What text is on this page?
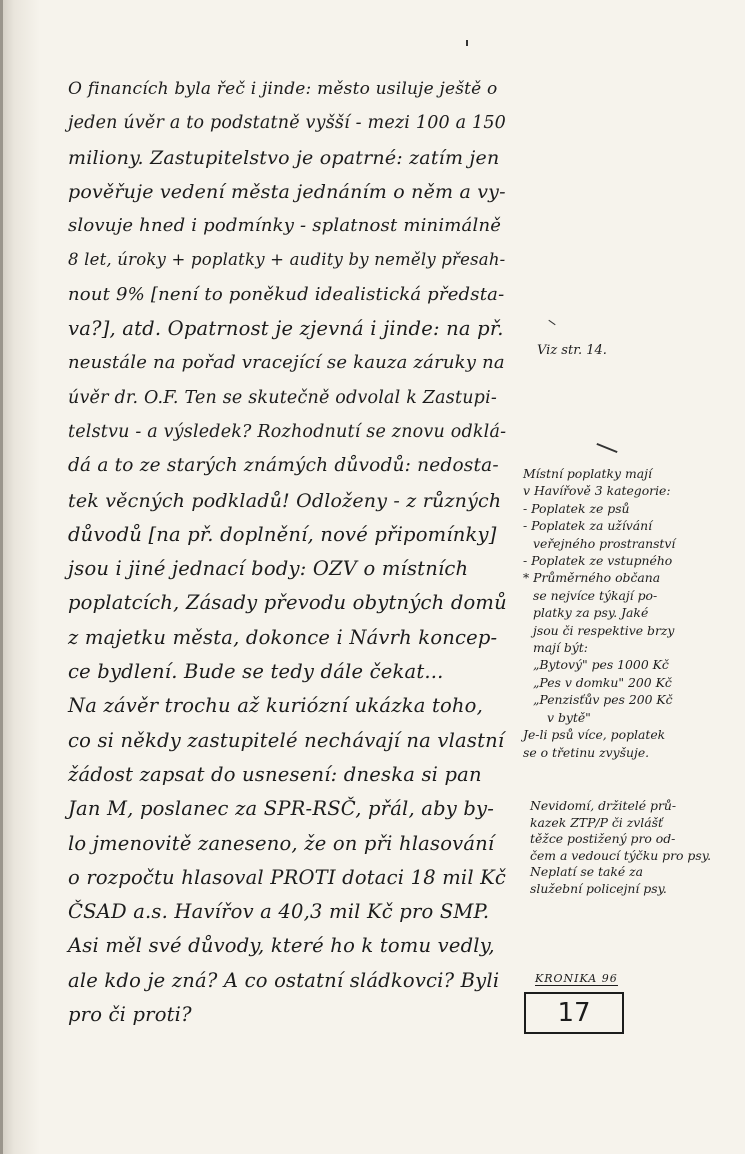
O financích byla řeč i jinde: město usiluje ještě o
jeden úvěr a to podstatně vyšší - mezi 100 a 150
miliony. Zastupitelstvo je opatrné: zatím jen
pověřuje vedení města jednáním o něm a vy-
slovuje hned i podmínky - splatnost minimálně
8 let, úroky + poplatky + audity by neměly přesah-
nout 9% [není to poněkud idealistická předsta-
va?], atd. Opatrnost je zjevná i jinde: na př.
neustále na pořad vracející se kauza záruky na
úvěr dr. O.F. Ten se skutečně odvolal k Zastupi-
telstvu - a výsledek? Rozhodnutí se znovu odklá-
dá a to ze starých známých důvodů: nedosta-
tek věcných podkladů! Odloženy - z různých
důvodů [na př. doplnění, nové připomínky]
jsou i jiné jednací body: OZV o místních
poplatcích, Zásady převodu obytných domů
z majetku města, dokonce i Návrh koncep-
ce bydlení. Bude se tedy dále čekat...
Na závěr trochu až kuriózní ukázka toho,
co si někdy zastupitelé nechávají na vlastní
žádost zapsat do usnesení: dneska si pan
Jan M, poslanec za SPR-RSČ, přál, aby by-
lo jmenovitě zaneseno, že on při hlasování
o rozpočtu hlasoval PROTI dotaci 18 mil Kč
ČSAD a.s. Havířov a 40,3 mil Kč pro SMP.
Asi měl své důvody, které ho k tomu vedly,
ale kdo je zná? A co ostatní sládkovci? Byli
pro či proti?
Viz str. 14.
Místní poplatky mají
v Havířově 3 kategorie:
- Poplatek ze psů
- Poplatek za užívání
veřejného prostranství
- Poplatek ze vstupného
* Průměrného občana
se nejvíce týkají po-
platky za psy. Jaké
jsou či respektive brzy
mají být:
„Bytový" pes 1000 Kč
„Pes v domku" 200 Kč
„Penzisťův pes 200 Kč
v bytě"
Je-li psů více, poplatek
se o třetinu zvyšuje.
Nevidomí, držitelé prů-
kazek ZTP/P či zvlášť
těžce postižený pro od-
čem a vedoucí týčku pro psy.
Neplatí se také za
služební policejní psy.
KRONIKA 96
17
